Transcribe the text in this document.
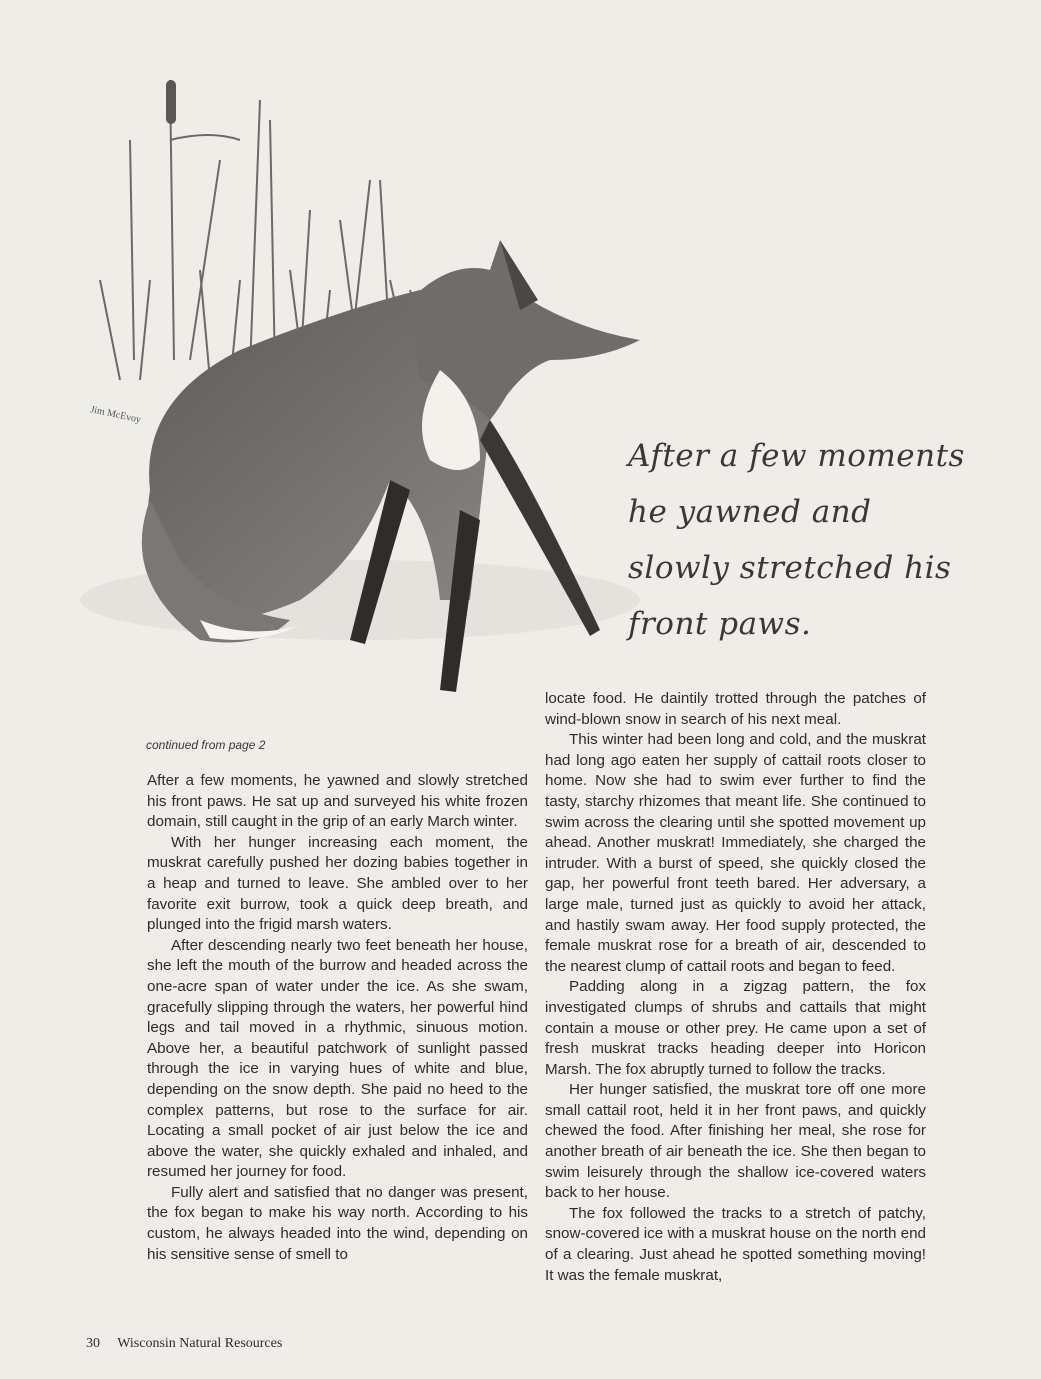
Jim McEvoy
After a few moments
he yawned and
slowly stretched his
front paws.
continued from page 2

After a few moments, he yawned and slowly stretched his front paws. He sat up and surveyed his white frozen domain, still caught in the grip of an early March winter.

With her hunger increasing each moment, the muskrat carefully pushed her dozing babies together in a heap and turned to leave. She ambled over to her favorite exit burrow, took a quick deep breath, and plunged into the frigid marsh waters.

After descending nearly two feet beneath her house, she left the mouth of the burrow and headed across the one-acre span of water under the ice. As she swam, gracefully slipping through the waters, her powerful hind legs and tail moved in a rhythmic, sinuous motion. Above her, a beautiful patchwork of sunlight passed through the ice in varying hues of white and blue, depending on the snow depth. She paid no heed to the complex patterns, but rose to the surface for air. Locating a small pocket of air just below the ice and above the water, she quickly exhaled and inhaled, and resumed her journey for food.

Fully alert and satisfied that no danger was present, the fox began to make his way north. According to his custom, he always headed into the wind, depending on his sensitive sense of smell to

locate food. He daintily trotted through the patches of wind-blown snow in search of his next meal.

This winter had been long and cold, and the muskrat had long ago eaten her supply of cattail roots closer to home. Now she had to swim ever further to find the tasty, starchy rhizomes that meant life. She continued to swim across the clearing until she spotted movement up ahead. Another muskrat! Immediately, she charged the intruder. With a burst of speed, she quickly closed the gap, her powerful front teeth bared. Her adversary, a large male, turned just as quickly to avoid her attack, and hastily swam away. Her food supply protected, the female muskrat rose for a breath of air, descended to the nearest clump of cattail roots and began to feed.

Padding along in a zigzag pattern, the fox investigated clumps of shrubs and cattails that might contain a mouse or other prey. He came upon a set of fresh muskrat tracks heading deeper into Horicon Marsh. The fox abruptly turned to follow the tracks.

Her hunger satisfied, the muskrat tore off one more small cattail root, held it in her front paws, and quickly chewed the food. After finishing her meal, she rose for another breath of air beneath the ice. She then began to swim leisurely through the shallow ice-covered waters back to her house.

The fox followed the tracks to a stretch of patchy, snow-covered ice with a muskrat house on the north end of a clearing. Just ahead he spotted something moving! It was the female muskrat,

30 Wisconsin Natural Resources
